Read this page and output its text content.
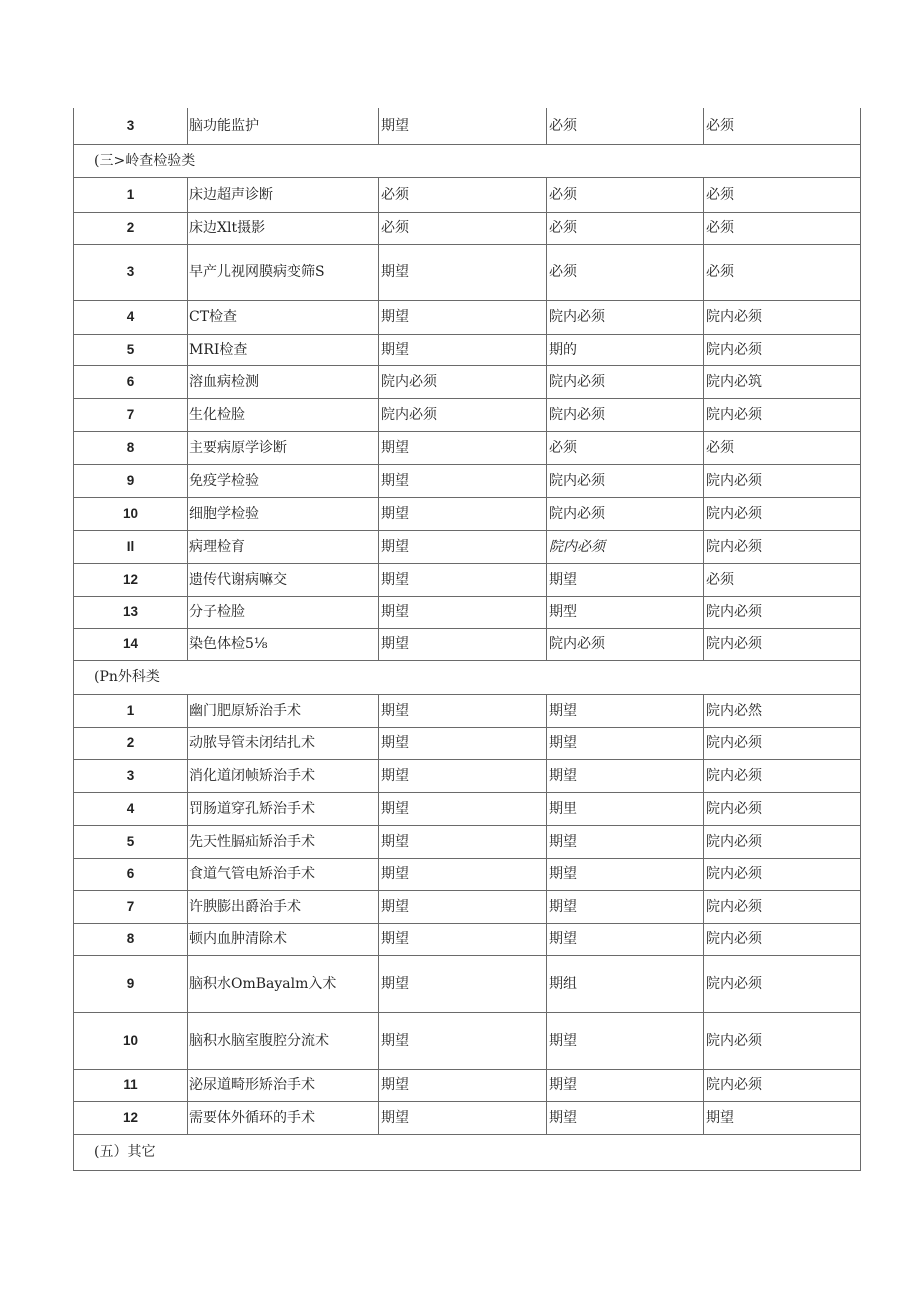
3	脑功能监护	期望	必须	必须
(三>岭查检验类				
1	床边超声诊断	必须	必须	必须
2	床边Xlt摄影	必须	必须	必须
3	早产儿视网膜病变筛S	期望	必须	必须
4	CT检查	期望	院内必须	院内必须
5	MRI检查	期望	期的	院内必须
6	溶血病检测	院内必须	院内必须	院内必筑
7	生化检脸	院内必须	院内必须	院内必须
8	主要病原学诊断	期望	必须	必须
9	免疫学检验	期望	院内必须	院内必须
10	细胞学检验	期望	院内必须	院内必须
Il	病理检育	期望	院内必须	院内必须
12	遗传代谢病嘛交	期望	期望	必须
13	分子检脸	期望	期型	院内必须
14	染色体检5⅛	期望	院内必须	院内必须
(Pn外科类				
1	幽门肥原矫治手术	期望	期望	院内必然
2	动脓导管未闭结扎术	期望	期望	院内必须
3	消化道闭帧矫治手术	期望	期望	院内必须
4	罚肠道穿孔矫治手术	期望	期里	院内必须
5	先天性膈疝矫治手术	期望	期望	院内必须
6	食道气管电矫治手术	期望	期望	院内必须
7	许腴膨出爵治手术	期望	期望	院内必须
8	顿内血肿清除术	期望	期望	院内必须
9	脑积水OmBayalm入术	期望	期组	院内必须
10	脑积水脑室腹腔分流术	期望	期望	院内必须
11	泌尿道畸形矫治手术	期望	期望	院内必须
12	需要体外循环的手术	期望	期望	期望
(五）其它				
